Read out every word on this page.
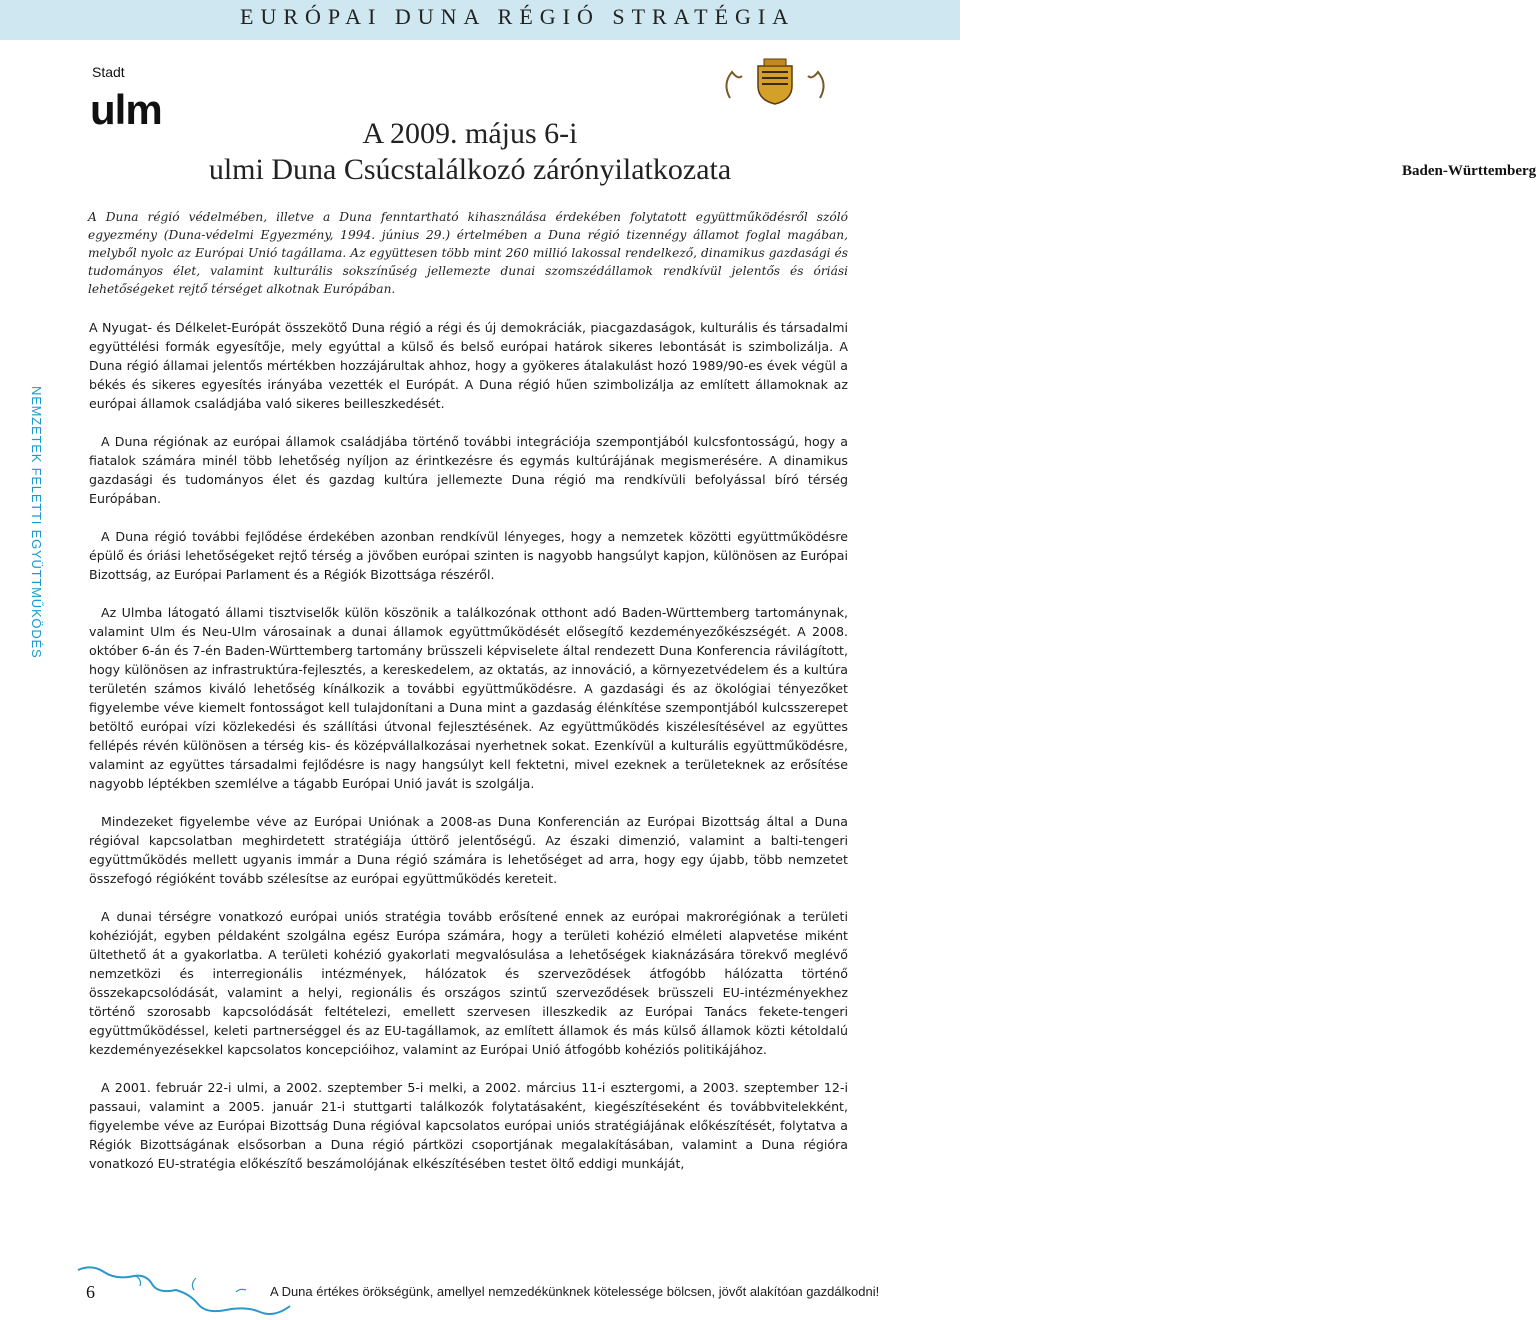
EURÓPAI DUNA RÉGIÓ STRATÉGIA
Stadt
ulm
A 2009. május 6-i
ulmi Duna Csúcstalálkozó zárónyilatkozata	Baden-Württemberg

A Duna régió védelmében, illetve a Duna fenntartható kihasználása érdekében folytatott együttműködésről szóló egyezmény (Duna-védelmi Egyezmény, 1994. június 29.) értelmében a Duna régió tizennégy államot foglal magában, melyből nyolc az Európai Unió tagállama. Az együttesen több mint 260 millió lakossal rendelkező, dinamikus gazdasági és tudományos élet, valamint kulturális sokszínűség jellemezte dunai szomszédállamok rendkívül jelentős és óriási lehetőségeket rejtő térséget alkotnak Európában.

NEMZETEK FELETTI EGYÜTTMŰKÖDÉS

A Nyugat- és Délkelet-Európát összekötő Duna régió a régi és új demokráciák, piacgazdaságok, kulturális és társadalmi együttélési formák egyesítője, mely egyúttal a külső és belső európai határok sikeres lebontását is szimbolizálja. A Duna régió államai jelentős mértékben hozzájárultak ahhoz, hogy a gyökeres átalakulást hozó 1989/90-es évek végül a békés és sikeres egyesítés irányába vezették el Európát. A Duna régió hűen szimbolizálja az említett államoknak az európai államok családjába való sikeres beilleszkedését.

A Duna régiónak az európai államok családjába történő további integrációja szempontjából kulcsfontosságú, hogy a fiatalok számára minél több lehetőség nyíljon az érintkezésre és egymás kultúrájának megismerésére. A dinamikus gazdasági és tudományos élet és gazdag kultúra jellemezte Duna régió ma rendkívüli befolyással bíró térség Európában.

A Duna régió további fejlődése érdekében azonban rendkívül lényeges, hogy a nemzetek közötti együttműködésre épülő és óriási lehetőségeket rejtő térség a jövőben európai szinten is nagyobb hangsúlyt kapjon, különösen az Európai Bizottság, az Európai Parlament és a Régiók Bizottsága részéről.

Az Ulmba látogató állami tisztviselők külön köszönik a találkozónak otthont adó Baden-Württemberg tartománynak, valamint Ulm és Neu-Ulm városainak a dunai államok együttműködését elősegítő kezdeményezőkészségét. A 2008. október 6-án és 7-én Baden-Württemberg tartomány brüsszeli képviselete által rendezett Duna Konferencia rávilágított, hogy különösen az infrastruktúra-fejlesztés, a kereskedelem, az oktatás, az innováció, a környezetvédelem és a kultúra területén számos kiváló lehetőség kínálkozik a további együttműködésre. A gazdasági és az ökológiai tényezőket figyelembe véve kiemelt fontosságot kell tulajdonítani a Duna mint a gazdaság élénkítése szempontjából kulcsszerepet betöltő európai vízi közlekedési és szállítási útvonal fejlesztésének. Az együttműködés kiszélesítésével az együttes fellépés révén különösen a térség kis- és középvállalkozásai nyerhetnek sokat. Ezenkívül a kulturális együttműködésre, valamint az együttes társadalmi fejlődésre is nagy hangsúlyt kell fektetni, mivel ezeknek a területeknek az erősítése nagyobb léptékben szemlélve a tágabb Európai Unió javát is szolgálja.

Mindezeket figyelembe véve az Európai Uniónak a 2008-as Duna Konferencián az Európai Bizottság által a Duna régióval kapcsolatban meghirdetett stratégiája úttörő jelentőségű. Az északi dimenzió, valamint a balti-tengeri együttműködés mellett ugyanis immár a Duna régió számára is lehetőséget ad arra, hogy egy újabb, több nemzetet összefogó régióként tovább szélesítse az európai együttműködés kereteit.

A dunai térségre vonatkozó európai uniós stratégia tovább erősítené ennek az európai makrorégiónak a területi kohézióját, egyben példaként szolgálna egész Európa számára, hogy a területi kohézió elméleti alapvetése miként ültethető át a gyakorlatba. A területi kohézió gyakorlati megvalósulása a lehetőségek kiaknázására törekvő meglévő nemzetközi és interregionális intézmények, hálózatok és szervezõdések átfogóbb hálózatta történő összekapcsolódását, valamint a helyi, regionális és országos szintű szerveződések brüsszeli EU-intézményekhez történő szorosabb kapcsolódását feltételezi, emellett szervesen illeszkedik az Európai Tanács fekete-tengeri együttműködéssel, keleti partnerséggel és az EU-tagállamok, az említett államok és más külső államok közti kétoldalú kezdeményezésekkel kapcsolatos koncepcióihoz, valamint az Európai Unió átfogóbb kohéziós politikájához.

A 2001. február 22-i ulmi, a 2002. szeptember 5-i melki, a 2002. március 11-i esztergomi, a 2003. szeptember 12-i passaui, valamint a 2005. január 21-i stuttgarti találkozók folytatásaként, kiegészítéseként és továbbvitelekként, figyelembe véve az Európai Bizottság Duna régióval kapcsolatos európai uniós stratégiájának előkészítését, folytatva a Régiók Bizottságának elsősorban a Duna régió pártközi csoportjának megalakításában, valamint a Duna régióra vonatkozó EU-stratégia előkészítő beszámolójának elkészítésében testet öltő eddigi munkáját,

6	A Duna értékes örökségünk, amellyel nemzedékünknek kötelessége bölcsen, jövőt alakítóan gazdálkodni!
